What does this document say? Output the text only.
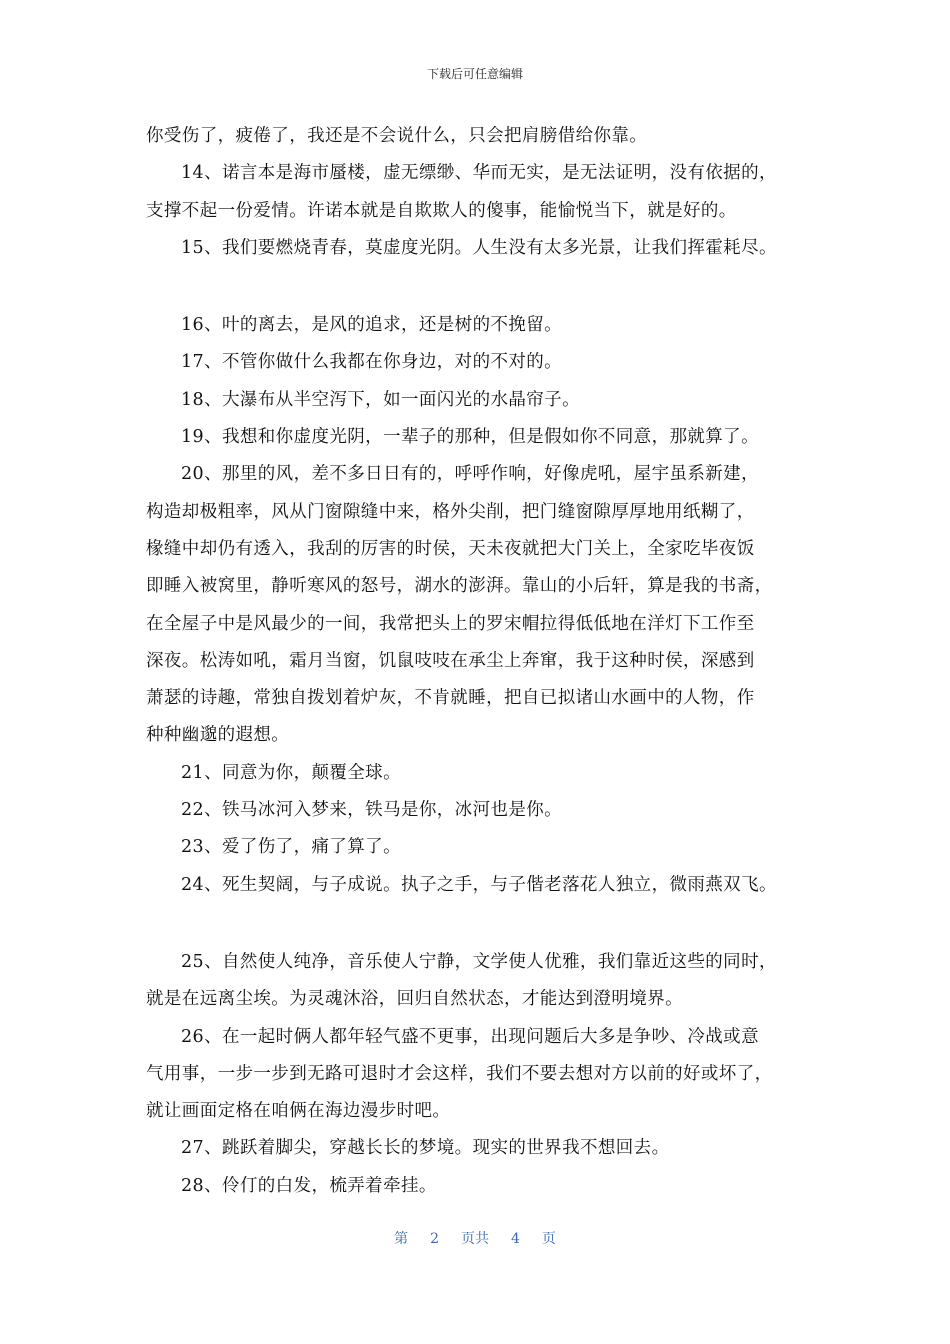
下载后可任意编辑
你受伤了，疲倦了，我还是不会说什么，只会把肩膀借给你靠。
14、诺言本是海市蜃楼，虚无缥缈、华而无实，是无法证明，没有依据的，
支撑不起一份爱情。许诺本就是自欺欺人的傻事，能愉悦当下，就是好的。
15、我们要燃烧青春，莫虚度光阴。人生没有太多光景，让我们挥霍耗尽。
16、叶的离去，是风的追求，还是树的不挽留。
17、不管你做什么我都在你身边，对的不对的。
18、大瀑布从半空泻下，如一面闪光的水晶帘子。
19、我想和你虚度光阴，一辈子的那种，但是假如你不同意，那就算了。
20、那里的风，差不多日日有的，呼呼作响，好像虎吼，屋宇虽系新建，
构造却极粗率，风从门窗隙缝中来，格外尖削，把门缝窗隙厚厚地用纸糊了，
椽缝中却仍有透入，我刮的厉害的时侯，天未夜就把大门关上，全家吃毕夜饭
即睡入被窝里，静听寒风的怒号，湖水的澎湃。靠山的小后轩，算是我的书斋，
在全屋子中是风最少的一间，我常把头上的罗宋帽拉得低低地在洋灯下工作至
深夜。松涛如吼，霜月当窗，饥鼠吱吱在承尘上奔窜，我于这种时侯，深感到
萧瑟的诗趣，常独自拨划着炉灰，不肯就睡，把自已拟诸山水画中的人物，作
种种幽邈的遐想。
21、同意为你，颠覆全球。
22、铁马冰河入梦来，铁马是你，冰河也是你。
23、爱了伤了，痛了算了。
24、死生契阔，与子成说。执子之手，与子偕老落花人独立，微雨燕双飞。
25、自然使人纯净，音乐使人宁静，文学使人优雅，我们靠近这些的同时，
就是在远离尘埃。为灵魂沐浴，回归自然状态，才能达到澄明境界。
26、在一起时俩人都年轻气盛不更事，出现问题后大多是争吵、冷战或意
气用事，一步一步到无路可退时才会这样，我们不要去想对方以前的好或坏了，
就让画面定格在咱俩在海边漫步时吧。
27、跳跃着脚尖，穿越长长的梦境。现实的世界我不想回去。
28、伶仃的白发，梳弄着牵挂。
第 2 页共 4 页
